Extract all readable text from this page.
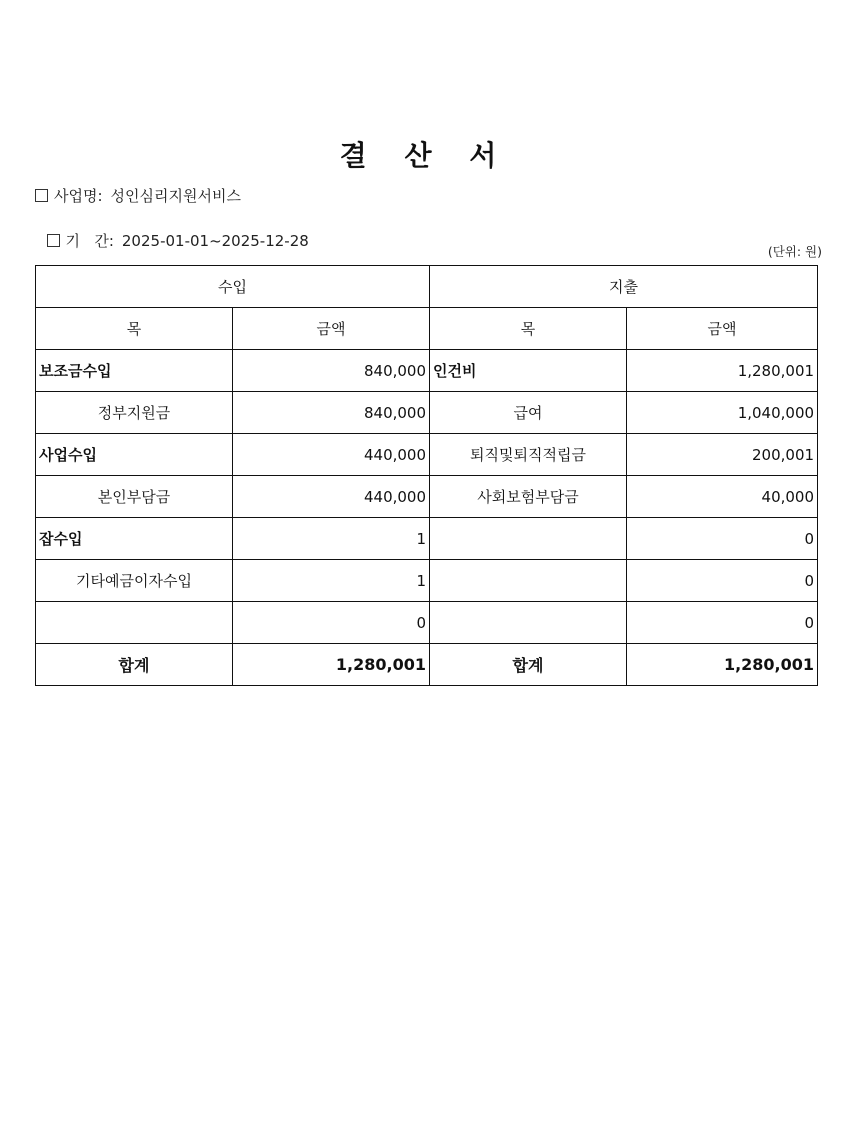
결 산 서
사업명: 성인심리지원서비스

기   간: 2025-01-01~2025-12-28

(단위: 원)
수입		지출	
목	금액	목	금액
보조금수입	840,000	인건비	1,280,001
정부지원금	840,000	급여	1,040,000
사업수입	440,000	퇴직및퇴직적립금	200,001
본인부담금	440,000	사회보험부담금	40,000
잡수입	1		0
기타예금이자수입	1		0
	0		0
합계	1,280,001	합계	1,280,001
